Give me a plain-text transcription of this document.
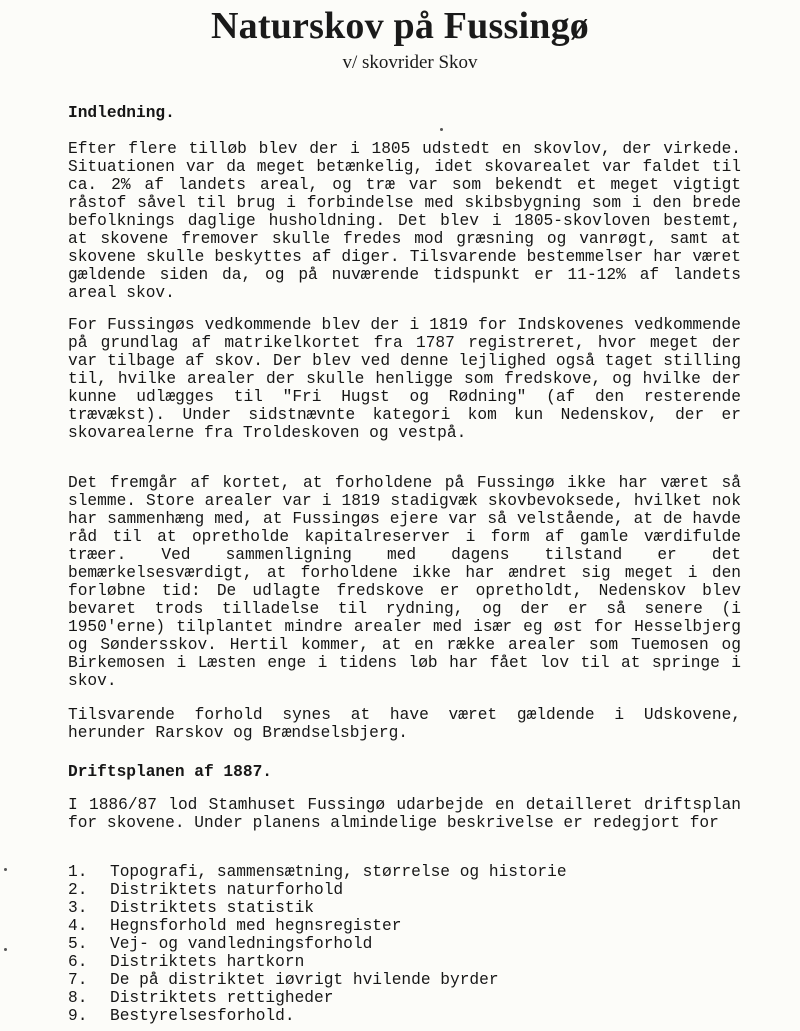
Naturskov på Fussingø
v/ skovrider Skov
Indledning.

Efter flere tilløb blev der i 1805 udstedt en skovlov, der virkede. Situationen var da meget betænkelig, idet skovarealet var faldet til ca. 2% af landets areal, og træ var som bekendt et meget vigtigt råstof såvel til brug i forbindelse med skibsbygning som i den brede befolknings daglige husholdning. Det blev i 1805-skovloven bestemt, at skovene fremover skulle fredes mod græsning og vanrøgt, samt at skovene skulle beskyttes af diger. Tilsvarende bestemmelser har været gældende siden da, og på nuværende tidspunkt er 11-12% af landets areal skov.

For Fussingøs vedkommende blev der i 1819 for Indskovenes vedkommende på grundlag af matrikelkortet fra 1787 registreret, hvor meget der var tilbage af skov. Der blev ved denne lejlighed også taget stilling til, hvilke arealer der skulle henligge som fredskove, og hvilke der kunne udlægges til "Fri Hugst og Rødning" (af den resterende trævækst). Under sidstnævnte kategori kom kun Nedenskov, der er skovarealerne fra Troldeskoven og vestpå.

Det fremgår af kortet, at forholdene på Fussingø ikke har været så slemme. Store arealer var i 1819 stadigvæk skovbevoksede, hvilket nok har sammenhæng med, at Fussingøs ejere var så velstående, at de havde råd til at opretholde kapitalreserver i form af gamle værdifulde træer. Ved sammenligning med dagens tilstand er det bemærkelsesværdigt, at forholdene ikke har ændret sig meget i den forløbne tid: De udlagte fredskove er opretholdt, Nedenskov blev bevaret trods tilladelse til rydning, og der er så senere (i 1950'erne) tilplantet mindre arealer med især eg øst for Hesselbjerg og Søndersskov. Hertil kommer, at en række arealer som Tuemosen og Birkemosen i Læsten enge i tidens løb har fået lov til at springe i skov.

Tilsvarende forhold synes at have været gældende i Udskovene, herunder Rarskov og Brændselsbjerg.

Driftsplanen af 1887.

I 1886/87 lod Stamhuset Fussingø udarbejde en detailleret driftsplan for skovene. Under planens almindelige beskrivelse er redegjort for

1. Topografi, sammensætning, størrelse og historie
2. Distriktets naturforhold
3. Distriktets statistik
4. Hegnsforhold med hegnsregister
5. Vej- og vandledningsforhold
6. Distriktets hartkorn
7. De på distriktet iøvrigt hvilende byrder
8. Distriktets rettigheder
9. Bestyrelsesforhold.
